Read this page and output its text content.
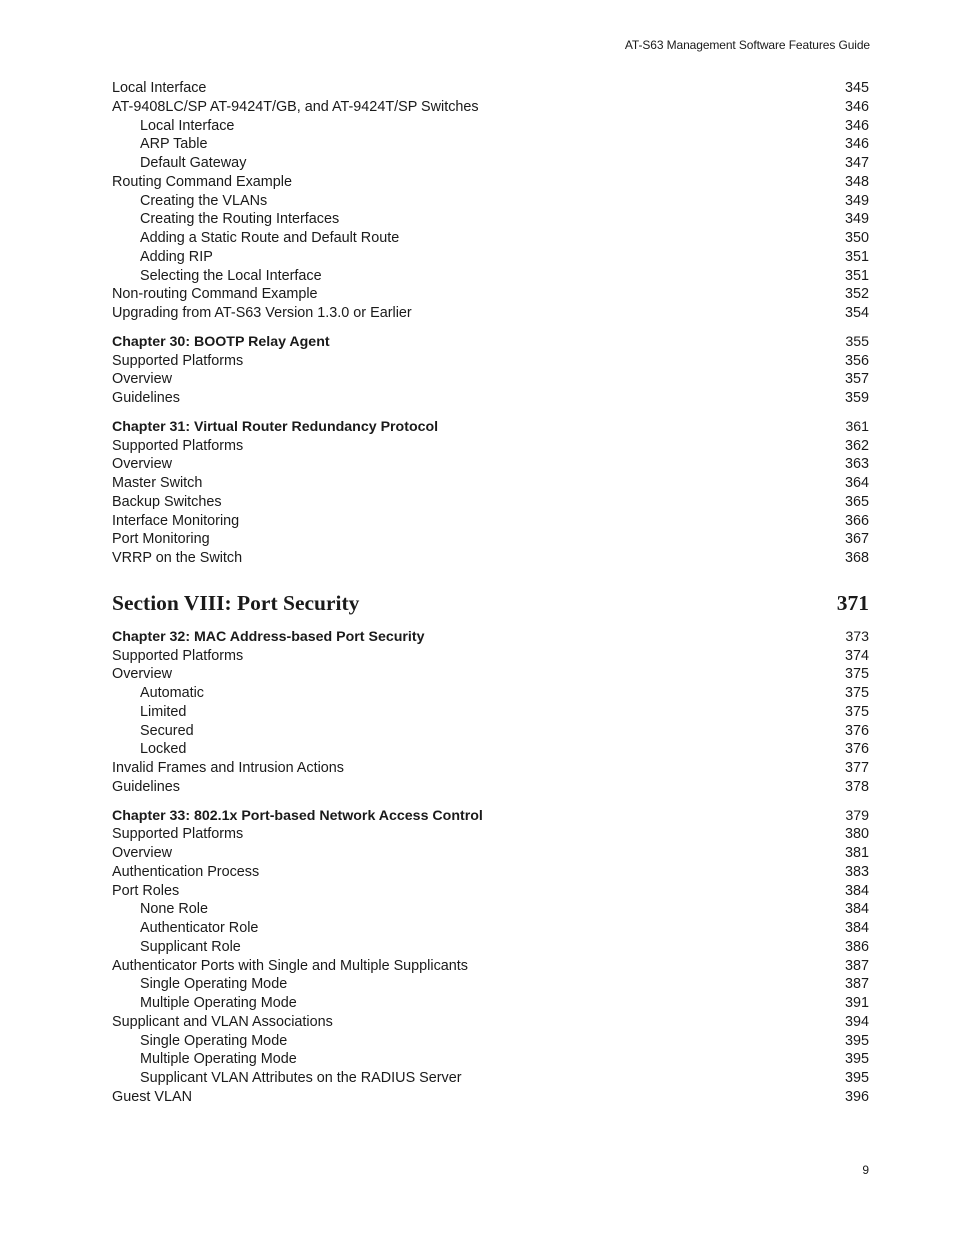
AT-S63 Management Software Features Guide
Local Interface	345
AT-9408LC/SP AT-9424T/GB, and AT-9424T/SP Switches	346
Local Interface	346
ARP Table	346
Default Gateway	347
Routing Command Example	348
Creating the VLANs	349
Creating the Routing Interfaces	349
Adding a Static Route and Default Route	350
Adding RIP	351
Selecting the Local Interface	351
Non-routing Command Example	352
Upgrading from AT-S63 Version 1.3.0 or Earlier	354
Chapter 30: BOOTP Relay Agent	355
Supported Platforms	356
Overview	357
Guidelines	359
Chapter 31: Virtual Router Redundancy Protocol	361
Supported Platforms	362
Overview	363
Master Switch	364
Backup Switches	365
Interface Monitoring	366
Port Monitoring	367
VRRP on the Switch	368
Section VIII: Port Security	371
Chapter 32: MAC Address-based Port Security	373
Supported Platforms	374
Overview	375
Automatic	375
Limited	375
Secured	376
Locked	376
Invalid Frames and Intrusion Actions	377
Guidelines	378
Chapter 33: 802.1x Port-based Network Access Control	379
Supported Platforms	380
Overview	381
Authentication Process	383
Port Roles	384
None Role	384
Authenticator Role	384
Supplicant Role	386
Authenticator Ports with Single and Multiple Supplicants	387
Single Operating Mode	387
Multiple Operating Mode	391
Supplicant and VLAN Associations	394
Single Operating Mode	395
Multiple Operating Mode	395
Supplicant VLAN Attributes on the RADIUS Server	395
Guest VLAN	396
9
